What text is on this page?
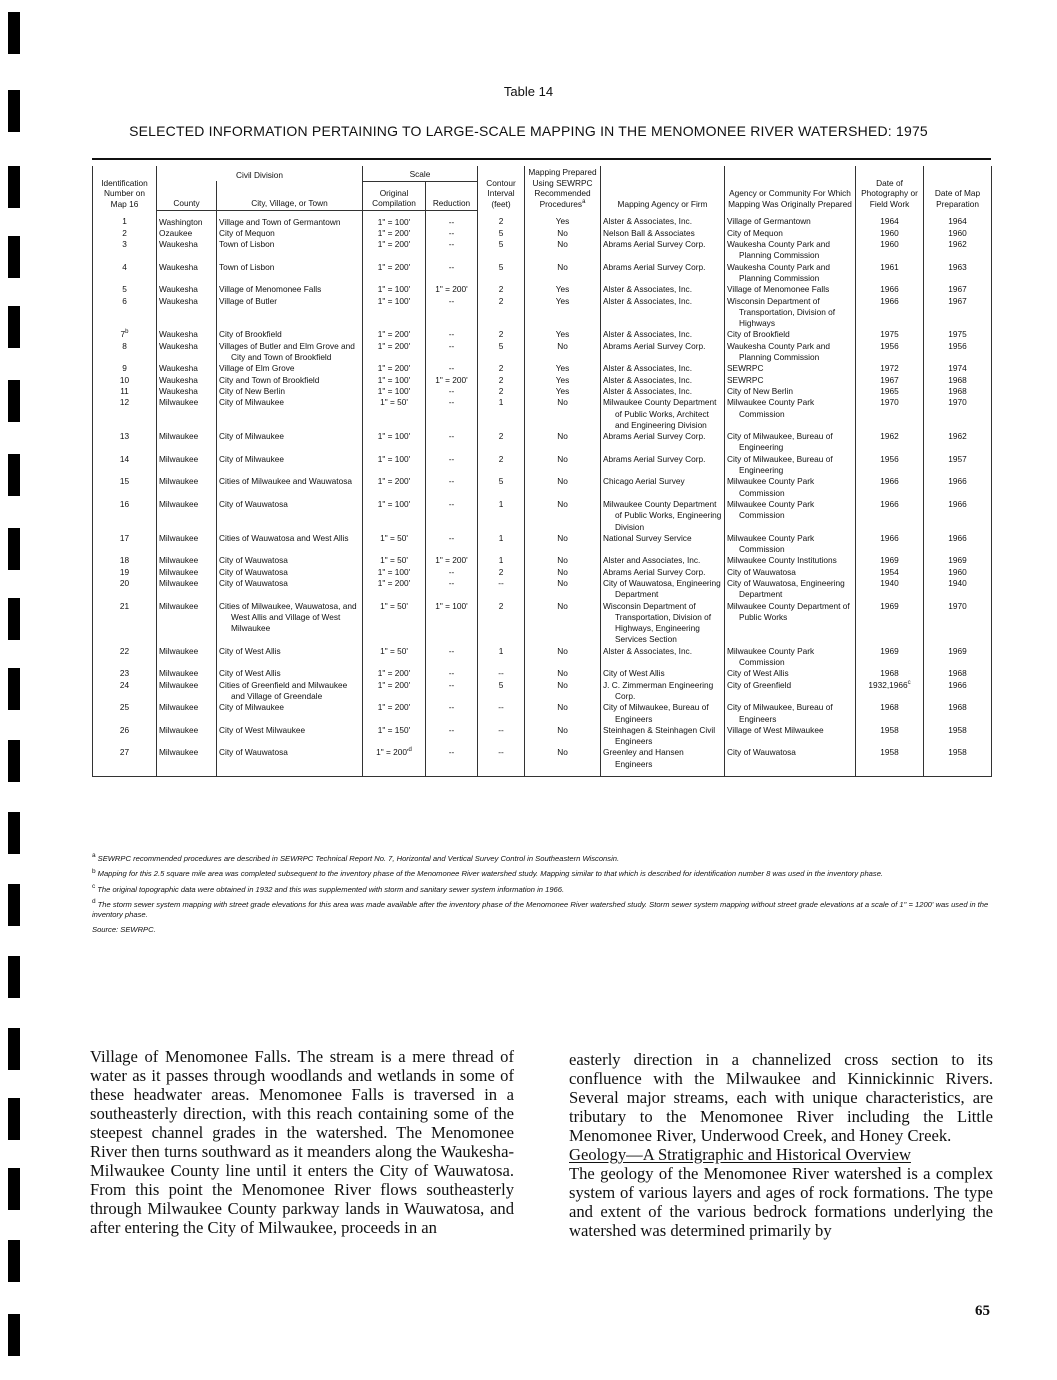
Table 14
SELECTED INFORMATION PERTAINING TO LARGE-SCALE MAPPING IN THE MENOMONEE RIVER WATERSHED: 1975
Identification Number on Map 16	Civil Division		Scale		Contour Interval (feet)	Mapping Prepared Using SEWRPC Recommended Procedures$^a$	Mapping Agency or Firm	Agency or Community For Which Mapping Was Originally Prepared	Date of Photography or Field Work	Date of Map Preparation
	County	City, Village, or Town	Original Compilation	Reduction						
1	Washington	Village and Town of Germantown	1" = 100'	--	2	Yes	Alster & Associates, Inc.	Village of Germantown	1964	1964
2	Ozaukee	City of Mequon	1" = 200'	--	5	No	Nelson Ball & Associates	City of Mequon	1960	1960
3	Waukesha	Town of Lisbon	1" = 200'	--	5	No	Abrams Aerial Survey Corp.	Waukesha County Park and Planning Commission	1960	1962
4	Waukesha	Town of Lisbon	1" = 200'	--	5	No	Abrams Aerial Survey Corp.	Waukesha County Park and Planning Commission	1961	1963
5	Waukesha	Village of Menomonee Falls	1" = 100'	1" = 200'	2	Yes	Alster & Associates, Inc.	Village of Menomonee Falls	1966	1967
6	Waukesha	Village of Butler	1" = 100'	--	2	Yes	Alster & Associates, Inc.	Wisconsin Department of Transportation, Division of Highways	1966	1967
7$^b$	Waukesha	City of Brookfield	1" = 200'	--	2	Yes	Alster & Associates, Inc.	City of Brookfield	1975	1975
8	Waukesha	Villages of Butler and Elm Grove and City and Town of Brookfield	1" = 200'	--	5	No	Abrams Aerial Survey Corp.	Waukesha County Park and Planning Commission	1956	1956
9	Waukesha	Village of Elm Grove	1" = 200'	--	2	Yes	Alster & Associates, Inc.	SEWRPC	1972	1974
10	Waukesha	City and Town of Brookfield	1" = 100'	1" = 200'	2	Yes	Alster & Associates, Inc.	SEWRPC	1967	1968
11	Waukesha	City of New Berlin	1" = 100'	--	2	Yes	Alster & Associates, Inc.	City of New Berlin	1965	1968
12	Milwaukee	City of Milwaukee	1" = 50'	--	1	No	Milwaukee County Department of Public Works, Architect and Engineering Division	Milwaukee County Park Commission	1970	1970
13	Milwaukee	City of Milwaukee	1" = 100'	--	2	No	Abrams Aerial Survey Corp.	City of Milwaukee, Bureau of Engineering	1962	1962
14	Milwaukee	City of Milwaukee	1" = 100'	--	2	No	Abrams Aerial Survey Corp.	City of Milwaukee, Bureau of Engineering	1956	1957
15	Milwaukee	Cities of Milwaukee and Wauwatosa	1" = 200'	--	5	No	Chicago Aerial Survey	Milwaukee County Park Commission	1966	1966
16	Milwaukee	City of Wauwatosa	1" = 100'	--	1	No	Milwaukee County Department of Public Works, Engineering Division	Milwaukee County Park Commission	1966	1966
17	Milwaukee	Cities of Wauwatosa and West Allis	1" = 50'	--	1	No	National Survey Service	Milwaukee County Park Commission	1966	1966
18	Milwaukee	City of Wauwatosa	1" = 50'	1" = 200'	1	No	Alster and Associates, Inc.	Milwaukee County Institutions	1969	1969
19	Milwaukee	City of Wauwatosa	1" = 100'	--	2	No	Abrams Aerial Survey Corp.	City of Wauwatosa	1954	1960
20	Milwaukee	City of Wauwatosa	1" = 200'	--	--	No	City of Wauwatosa, Engineering Department	City of Wauwatosa, Engineering Department	1940	1940
21	Milwaukee	Cities of Milwaukee, Wauwatosa, and West Allis and Village of West Milwaukee	1" = 50'	1" = 100'	2	No	Wisconsin Department of Transportation, Division of Highways, Engineering Services Section	Milwaukee County Department of Public Works	1969	1970
22	Milwaukee	City of West Allis	1" = 50'	--	1	No	Alster & Associates, Inc.	Milwaukee County Park Commission	1969	1969
23	Milwaukee	City of West Allis	1" = 200'	--	--	No	City of West Allis	City of West Allis	1968	1968
24	Milwaukee	Cities of Greenfield and Milwaukee and Village of Greendale	1" = 200'	--	5	No	J. C. Zimmerman Engineering Corp.	City of Greenfield	1932,1966$^c$	1966
25	Milwaukee	City of Milwaukee	1" = 200'	--	--	No	City of Milwaukee, Bureau of Engineers	City of Milwaukee, Bureau of Engineers	1968	1968
26	Milwaukee	City of West Milwaukee	1" = 150'	--	--	No	Steinhagen & Steinhagen Civil Engineers	Village of West Milwaukee	1958	1958
27	Milwaukee	City of Wauwatosa	1" = $200'^d$	--	--	No	Greenley and Hansen Engineers	City of Wauwatosa	1958	1958

a SEWRPC recommended procedures are described in SEWRPC Technical Report No. 7, Horizontal and Vertical Survey Control in Southeastern Wisconsin.

b Mapping for this 2.5 square mile area was completed subsequent to the inventory phase of the Menomonee River watershed study. Mapping similar to that which is described for identification number 8 was used in the inventory phase.

c The original topographic data were obtained in 1932 and this was supplemented with storm and sanitary sewer system information in 1966.

d The storm sewer system mapping with street grade elevations for this area was made available after the inventory phase of the Menomonee River watershed study. Storm sewer system mapping without street grade elevations at a scale of 1" = 1200' was used in the inventory phase.

Source: SEWRPC.

Village of Menomonee Falls. The stream is a mere thread of water as it passes through woodlands and wetlands in some of these headwater areas. Menomonee Falls is traversed in a southeasterly direction, with this reach containing some of the steepest channel grades in the watershed. The Menomonee River then turns southward as it meanders along the Waukesha-Milwaukee County line until it enters the City of Wauwatosa. From this point the Menomonee River flows southeasterly through Milwaukee County parkway lands in Wauwatosa, and after entering the City of Milwaukee, proceeds in an

easterly direction in a channelized cross section to its confluence with the Milwaukee and Kinnickinnic Rivers. Several major streams, each with unique characteristics, are tributary to the Menomonee River including the Little Menomonee River, Underwood Creek, and Honey Creek.

Geology—A Stratigraphic and Historical Overview

The geology of the Menomonee River watershed is a complex system of various layers and ages of rock formations. The type and extent of the various bedrock formations underlying the watershed was determined primarily by

65
